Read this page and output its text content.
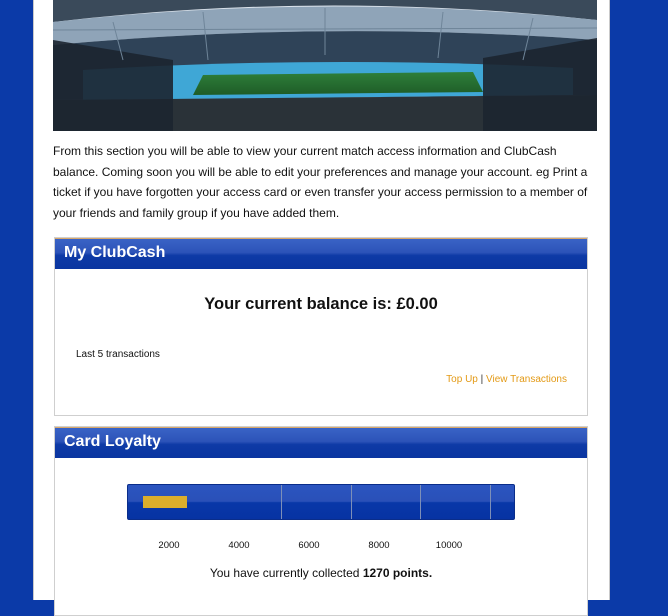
From this section you will be able to view your current match access information and ClubCash balance. Coming soon you will be able to edit your preferences and manage your account. eg Print a ticket if you have forgotten your access card or even transfer your access permission to a member of your friends and family group if you have added them.

My ClubCash
Your current balance is: £0.00
Last 5 transactions
Top Up | View Transactions
Card Loyalty
2000	4000	6000	8000	10000
You have currently collected 1270 points.
